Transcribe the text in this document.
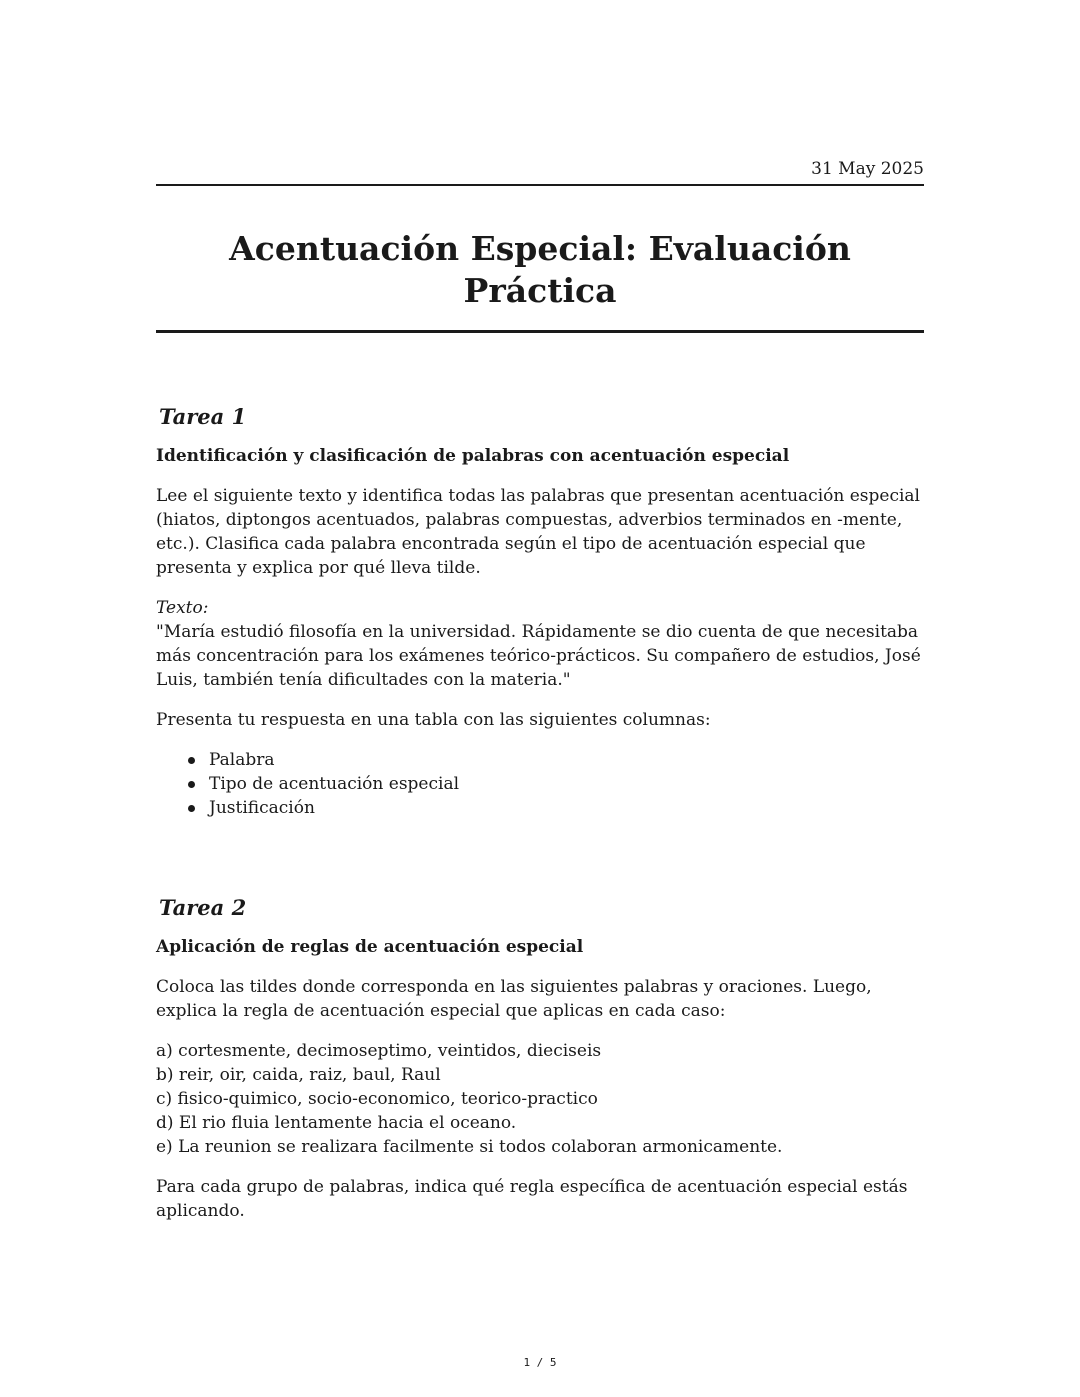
31 May 2025
Acentuación Especial: Evaluación Práctica
Tarea 1
Identificación y clasificación de palabras con acentuación especial

Lee el siguiente texto y identifica todas las palabras que presentan acentuación especial (hiatos, diptongos acentuados, palabras compuestas, adverbios terminados en -mente, etc.). Clasifica cada palabra encontrada según el tipo de acentuación especial que presenta y explica por qué lleva tilde.

Texto:
"María estudió filosofía en la universidad. Rápidamente se dio cuenta de que necesitaba más concentración para los exámenes teórico-prácticos. Su compañero de estudios, José Luis, también tenía dificultades con la materia."

Presenta tu respuesta en una tabla con las siguientes columnas:

Palabra
Tipo de acentuación especial
Justificación
Tarea 2
Aplicación de reglas de acentuación especial

Coloca las tildes donde corresponda en las siguientes palabras y oraciones. Luego, explica la regla de acentuación especial que aplicas en cada caso:

a) cortesmente, decimoseptimo, veintidos, dieciseis
b) reir, oir, caida, raiz, baul, Raul
c) fisico-quimico, socio-economico, teorico-practico
d) El rio fluia lentamente hacia el oceano.
e) La reunion se realizara facilmente si todos colaboran armonicamente.

Para cada grupo de palabras, indica qué regla específica de acentuación especial estás aplicando.

1 / 5
